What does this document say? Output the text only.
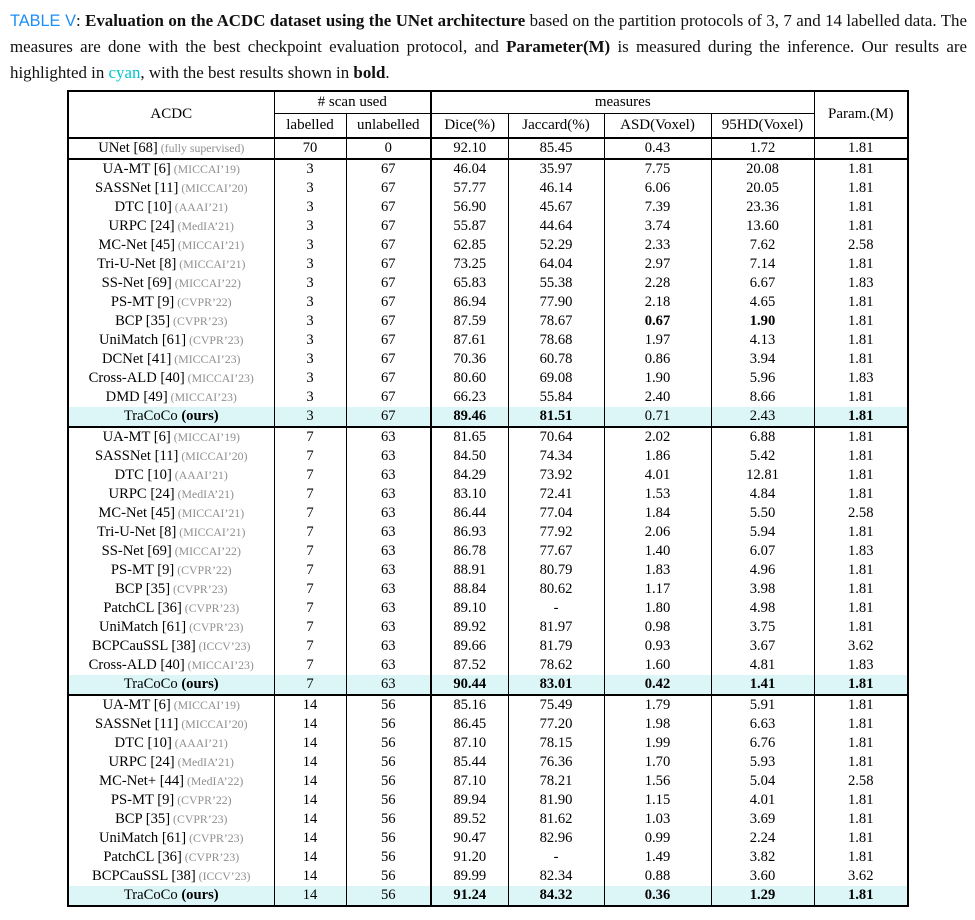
TABLE V: Evaluation on the ACDC dataset using the UNet architecture based on the partition protocols of 3, 7 and 14 labelled data. The measures are done with the best checkpoint evaluation protocol, and Parameter(M) is measured during the inference. Our results are highlighted in cyan, with the best results shown in bold.
ACDC	# scan used		measures				Param.(M)
	labelled	unlabelled	Dice(%)	Jaccard(%)	ASD(Voxel)	95HD(Voxel)	
UNet [68] (fully supervised)	70	0	92.10	85.45	0.43	1.72	1.81
UA-MT [6] (MICCAI’19)	3	67	46.04	35.97	7.75	20.08	1.81
SASSNet [11] (MICCAI’20)	3	67	57.77	46.14	6.06	20.05	1.81
DTC [10] (AAAI’21)	3	67	56.90	45.67	7.39	23.36	1.81
URPC [24] (MedIA’21)	3	67	55.87	44.64	3.74	13.60	1.81
MC-Net [45] (MICCAI’21)	3	67	62.85	52.29	2.33	7.62	2.58
Tri-U-Net [8] (MICCAI’21)	3	67	73.25	64.04	2.97	7.14	1.81
SS-Net [69] (MICCAI’22)	3	67	65.83	55.38	2.28	6.67	1.83
PS-MT [9] (CVPR’22)	3	67	86.94	77.90	2.18	4.65	1.81
BCP [35] (CVPR’23)	3	67	87.59	78.67	0.67	1.90	1.81
UniMatch [61] (CVPR’23)	3	67	87.61	78.68	1.97	4.13	1.81
DCNet [41] (MICCAI’23)	3	67	70.36	60.78	0.86	3.94	1.81
Cross-ALD [40] (MICCAI’23)	3	67	80.60	69.08	1.90	5.96	1.83
DMD [49] (MICCAI’23)	3	67	66.23	55.84	2.40	8.66	1.81
TraCoCo (ours)	3	67	89.46	81.51	0.71	2.43	1.81
UA-MT [6] (MICCAI’19)	7	63	81.65	70.64	2.02	6.88	1.81
SASSNet [11] (MICCAI’20)	7	63	84.50	74.34	1.86	5.42	1.81
DTC [10] (AAAI’21)	7	63	84.29	73.92	4.01	12.81	1.81
URPC [24] (MedIA’21)	7	63	83.10	72.41	1.53	4.84	1.81
MC-Net [45] (MICCAI’21)	7	63	86.44	77.04	1.84	5.50	2.58
Tri-U-Net [8] (MICCAI’21)	7	63	86.93	77.92	2.06	5.94	1.81
SS-Net [69] (MICCAI’22)	7	63	86.78	77.67	1.40	6.07	1.83
PS-MT [9] (CVPR’22)	7	63	88.91	80.79	1.83	4.96	1.81
BCP [35] (CVPR’23)	7	63	88.84	80.62	1.17	3.98	1.81
PatchCL [36] (CVPR’23)	7	63	89.10	-	1.80	4.98	1.81
UniMatch [61] (CVPR’23)	7	63	89.92	81.97	0.98	3.75	1.81
BCPCauSSL [38] (ICCV’23)	7	63	89.66	81.79	0.93	3.67	3.62
Cross-ALD [40] (MICCAI’23)	7	63	87.52	78.62	1.60	4.81	1.83
TraCoCo (ours)	7	63	90.44	83.01	0.42	1.41	1.81
UA-MT [6] (MICCAI’19)	14	56	85.16	75.49	1.79	5.91	1.81
SASSNet [11] (MICCAI’20)	14	56	86.45	77.20	1.98	6.63	1.81
DTC [10] (AAAI’21)	14	56	87.10	78.15	1.99	6.76	1.81
URPC [24] (MedIA’21)	14	56	85.44	76.36	1.70	5.93	1.81
MC-Net+ [44] (MedIA’22)	14	56	87.10	78.21	1.56	5.04	2.58
PS-MT [9] (CVPR’22)	14	56	89.94	81.90	1.15	4.01	1.81
BCP [35] (CVPR’23)	14	56	89.52	81.62	1.03	3.69	1.81
UniMatch [61] (CVPR’23)	14	56	90.47	82.96	0.99	2.24	1.81
PatchCL [36] (CVPR’23)	14	56	91.20	-	1.49	3.82	1.81
BCPCauSSL [38] (ICCV’23)	14	56	89.99	82.34	0.88	3.60	3.62
TraCoCo (ours)	14	56	91.24	84.32	0.36	1.29	1.81
